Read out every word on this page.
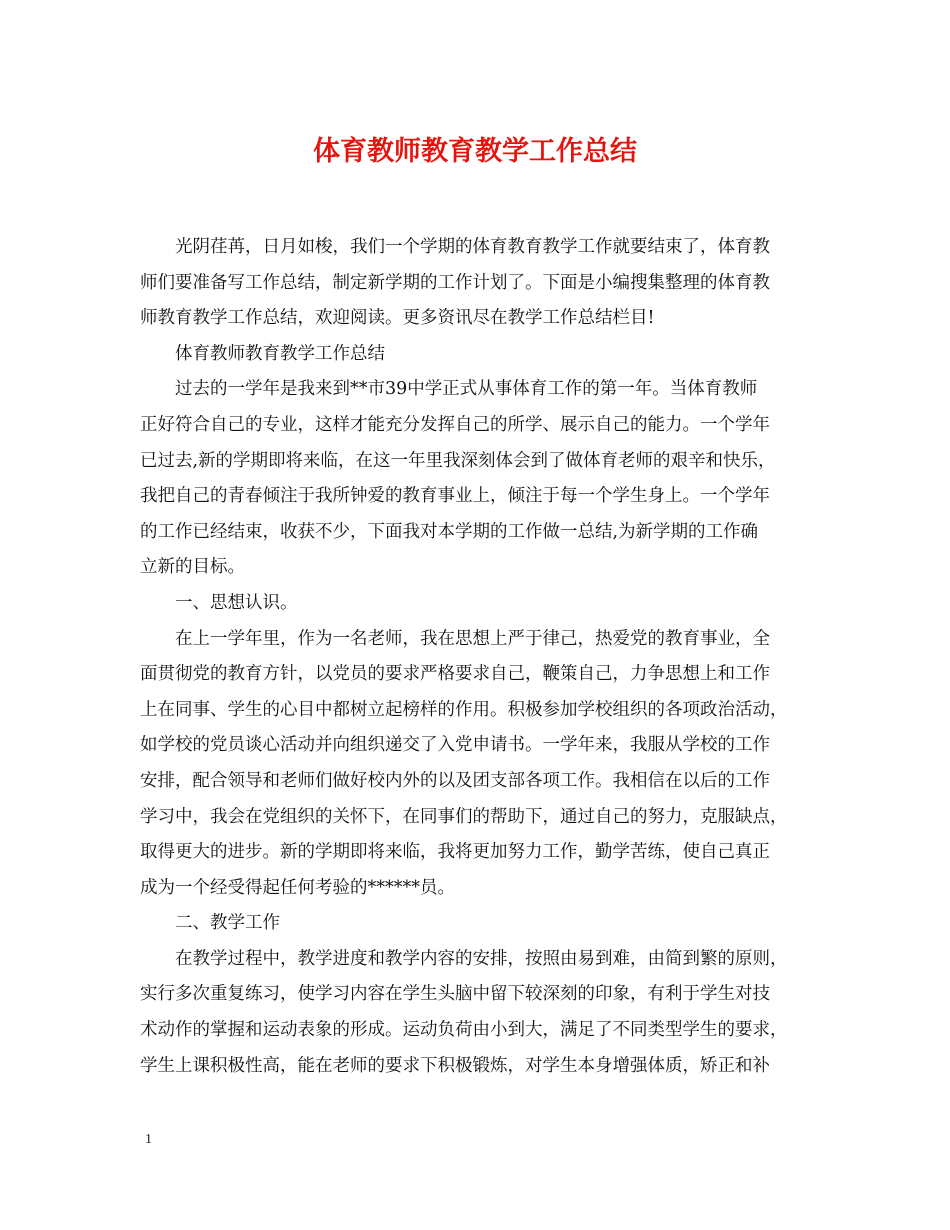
体育教师教育教学工作总结
光阴荏苒，日月如梭，我们一个学期的体育教育教学工作就要结束了，体育教
师们要准备写工作总结，制定新学期的工作计划了。下面是小编搜集整理的体育教
师教育教学工作总结，欢迎阅读。更多资讯尽在教学工作总结栏目!
体育教师教育教学工作总结
过去的一学年是我来到**市39中学正式从事体育工作的第一年。当体育教师
正好符合自己的专业，这样才能充分发挥自己的所学、展示自己的能力。一个学年
已过去,新的学期即将来临，在这一年里我深刻体会到了做体育老师的艰辛和快乐，
我把自己的青春倾注于我所钟爱的教育事业上，倾注于每一个学生身上。一个学年
的工作已经结束，收获不少，下面我对本学期的工作做一总结,为新学期的工作确
立新的目标。
一、思想认识。
在上一学年里，作为一名老师，我在思想上严于律己，热爱党的教育事业，全
面贯彻党的教育方针，以党员的要求严格要求自己，鞭策自己，力争思想上和工作
上在同事、学生的心目中都树立起榜样的作用。积极参加学校组织的各项政治活动，
如学校的党员谈心活动并向组织递交了入党申请书。一学年来，我服从学校的工作
安排，配合领导和老师们做好校内外的以及团支部各项工作。我相信在以后的工作
学习中，我会在党组织的关怀下，在同事们的帮助下，通过自己的努力，克服缺点，
取得更大的进步。新的学期即将来临，我将更加努力工作，勤学苦练，使自己真正
成为一个经受得起任何考验的******员。
二、教学工作
在教学过程中，教学进度和教学内容的安排，按照由易到难，由简到繁的原则，
实行多次重复练习，使学习内容在学生头脑中留下较深刻的印象，有利于学生对技
术动作的掌握和运动表象的形成。运动负荷由小到大，满足了不同类型学生的要求，
学生上课积极性高，能在老师的要求下积极锻炼，对学生本身增强体质，矫正和补
1
